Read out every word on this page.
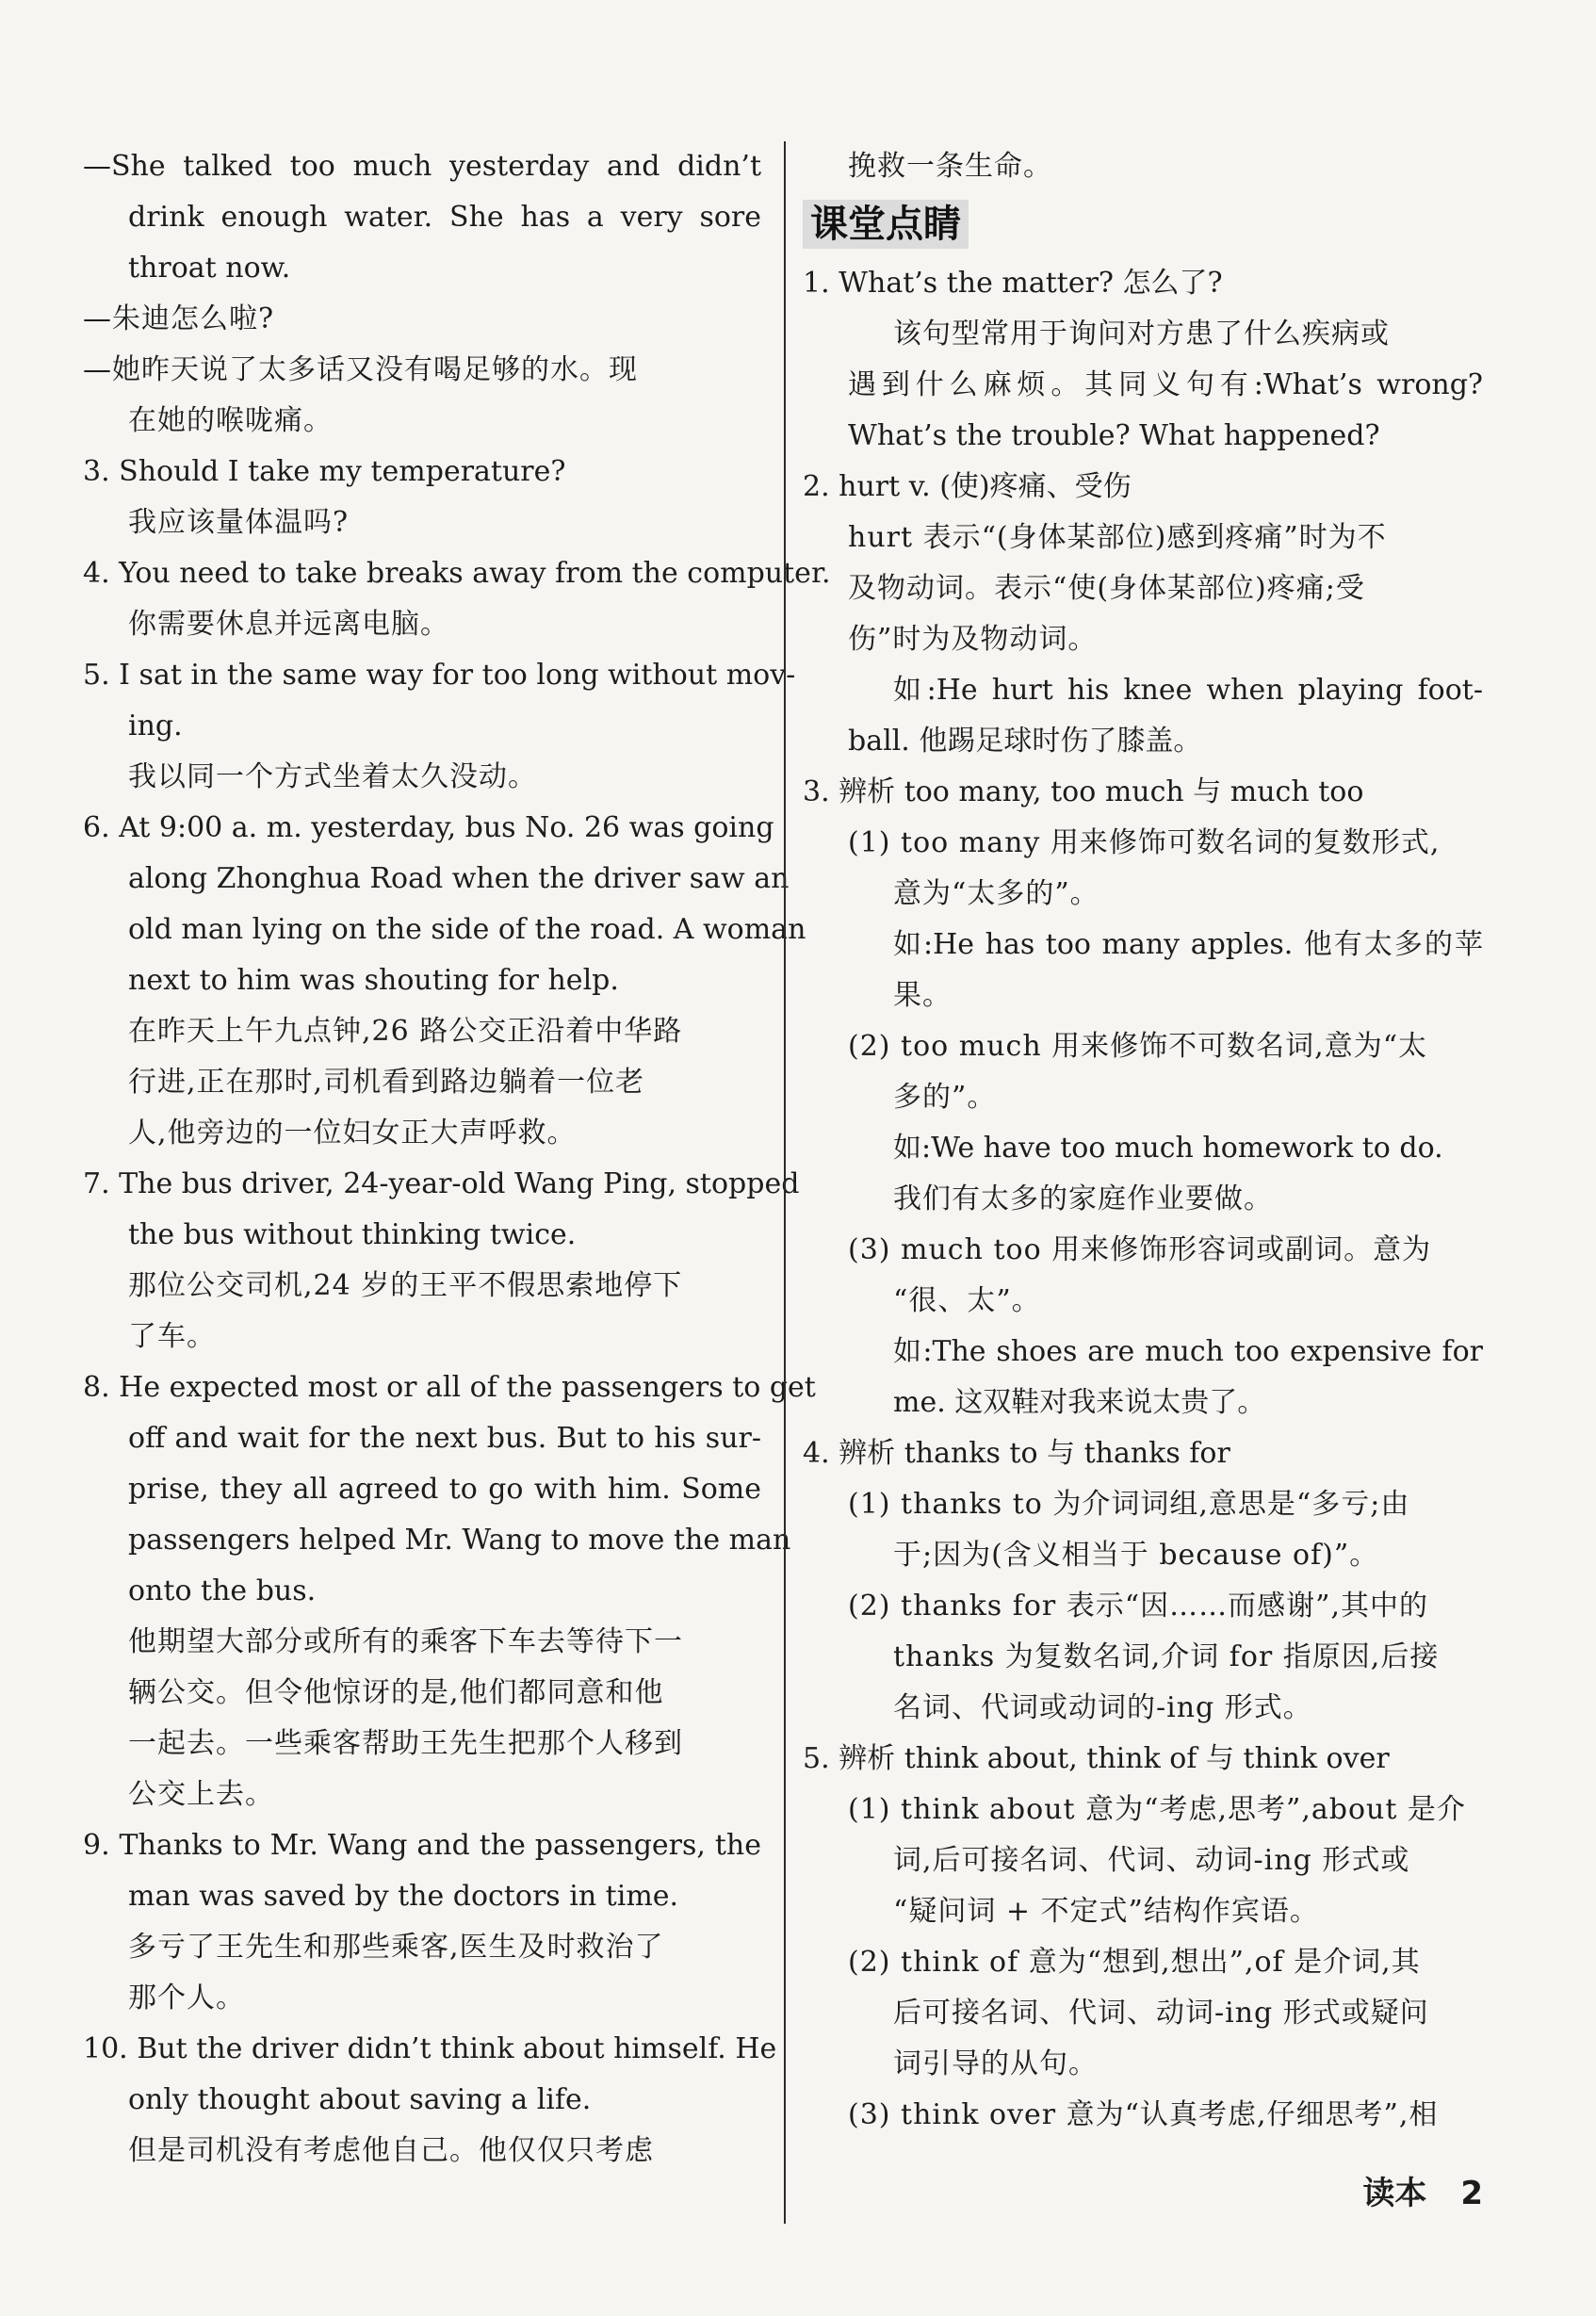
—She talked too much yesterday and didn’t
drink enough water. She has a very sore
throat now.
—朱迪怎么啦?
—她昨天说了太多话又没有喝足够的水。现
在她的喉咙痛。
3. Should I take my temperature?
我应该量体温吗?
4. You need to take breaks away from the computer.
你需要休息并远离电脑。
5. I sat in the same way for too long without mov-
ing.
我以同一个方式坐着太久没动。
6. At 9:00 a. m. yesterday, bus No. 26 was going
along Zhonghua Road when the driver saw an
old man lying on the side of the road. A woman
next to him was shouting for help.
在昨天上午九点钟,26 路公交正沿着中华路
行进,正在那时,司机看到路边躺着一位老
人,他旁边的一位妇女正大声呼救。
7. The bus driver, 24-year-old Wang Ping, stopped
the bus without thinking twice.
那位公交司机,24 岁的王平不假思索地停下
了车。
8. He expected most or all of the passengers to get
off and wait for the next bus. But to his sur-
prise, they all agreed to go with him. Some
passengers helped Mr. Wang to move the man
onto the bus.
他期望大部分或所有的乘客下车去等待下一
辆公交。但令他惊讶的是,他们都同意和他
一起去。一些乘客帮助王先生把那个人移到
公交上去。
9. Thanks to Mr. Wang and the passengers, the
man was saved by the doctors in time.
多亏了王先生和那些乘客,医生及时救治了
那个人。
10. But the driver didn’t think about himself. He
only thought about saving a life.
但是司机没有考虑他自己。他仅仅只考虑
挽救一条生命。
课堂点睛
1. What’s the matter? 怎么了?
该句型常用于询问对方患了什么疾病或
遇到什么麻烦。其同义句有:What’s wrong?
What’s the trouble? What happened?
2. hurt v. (使)疼痛、受伤
hurt 表示“(身体某部位)感到疼痛”时为不
及物动词。表示“使(身体某部位)疼痛;受
伤”时为及物动词。
如:He hurt his knee when playing foot-
ball. 他踢足球时伤了膝盖。
3. 辨析 too many, too much 与 much too
(1) too many 用来修饰可数名词的复数形式,
意为“太多的”。
如:He has too many apples. 他有太多的苹
果。
(2) too much 用来修饰不可数名词,意为“太
多的”。
如:We have too much homework to do.
我们有太多的家庭作业要做。
(3) much too 用来修饰形容词或副词。意为
“很、太”。
如:The shoes are much too expensive for
me. 这双鞋对我来说太贵了。
4. 辨析 thanks to 与 thanks for
(1) thanks to 为介词词组,意思是“多亏;由
于;因为(含义相当于 because of)”。
(2) thanks for 表示“因……而感谢”,其中的
thanks 为复数名词,介词 for 指原因,后接
名词、代词或动词的-ing 形式。
5. 辨析 think about, think of 与 think over
(1) think about 意为“考虑,思考”,about 是介
词,后可接名词、代词、动词-ing 形式或
“疑问词 + 不定式”结构作宾语。
(2) think of 意为“想到,想出”,of 是介词,其
后可接名词、代词、动词-ing 形式或疑问
词引导的从句。
(3) think over 意为“认真考虑,仔细思考”,相
读本 2
